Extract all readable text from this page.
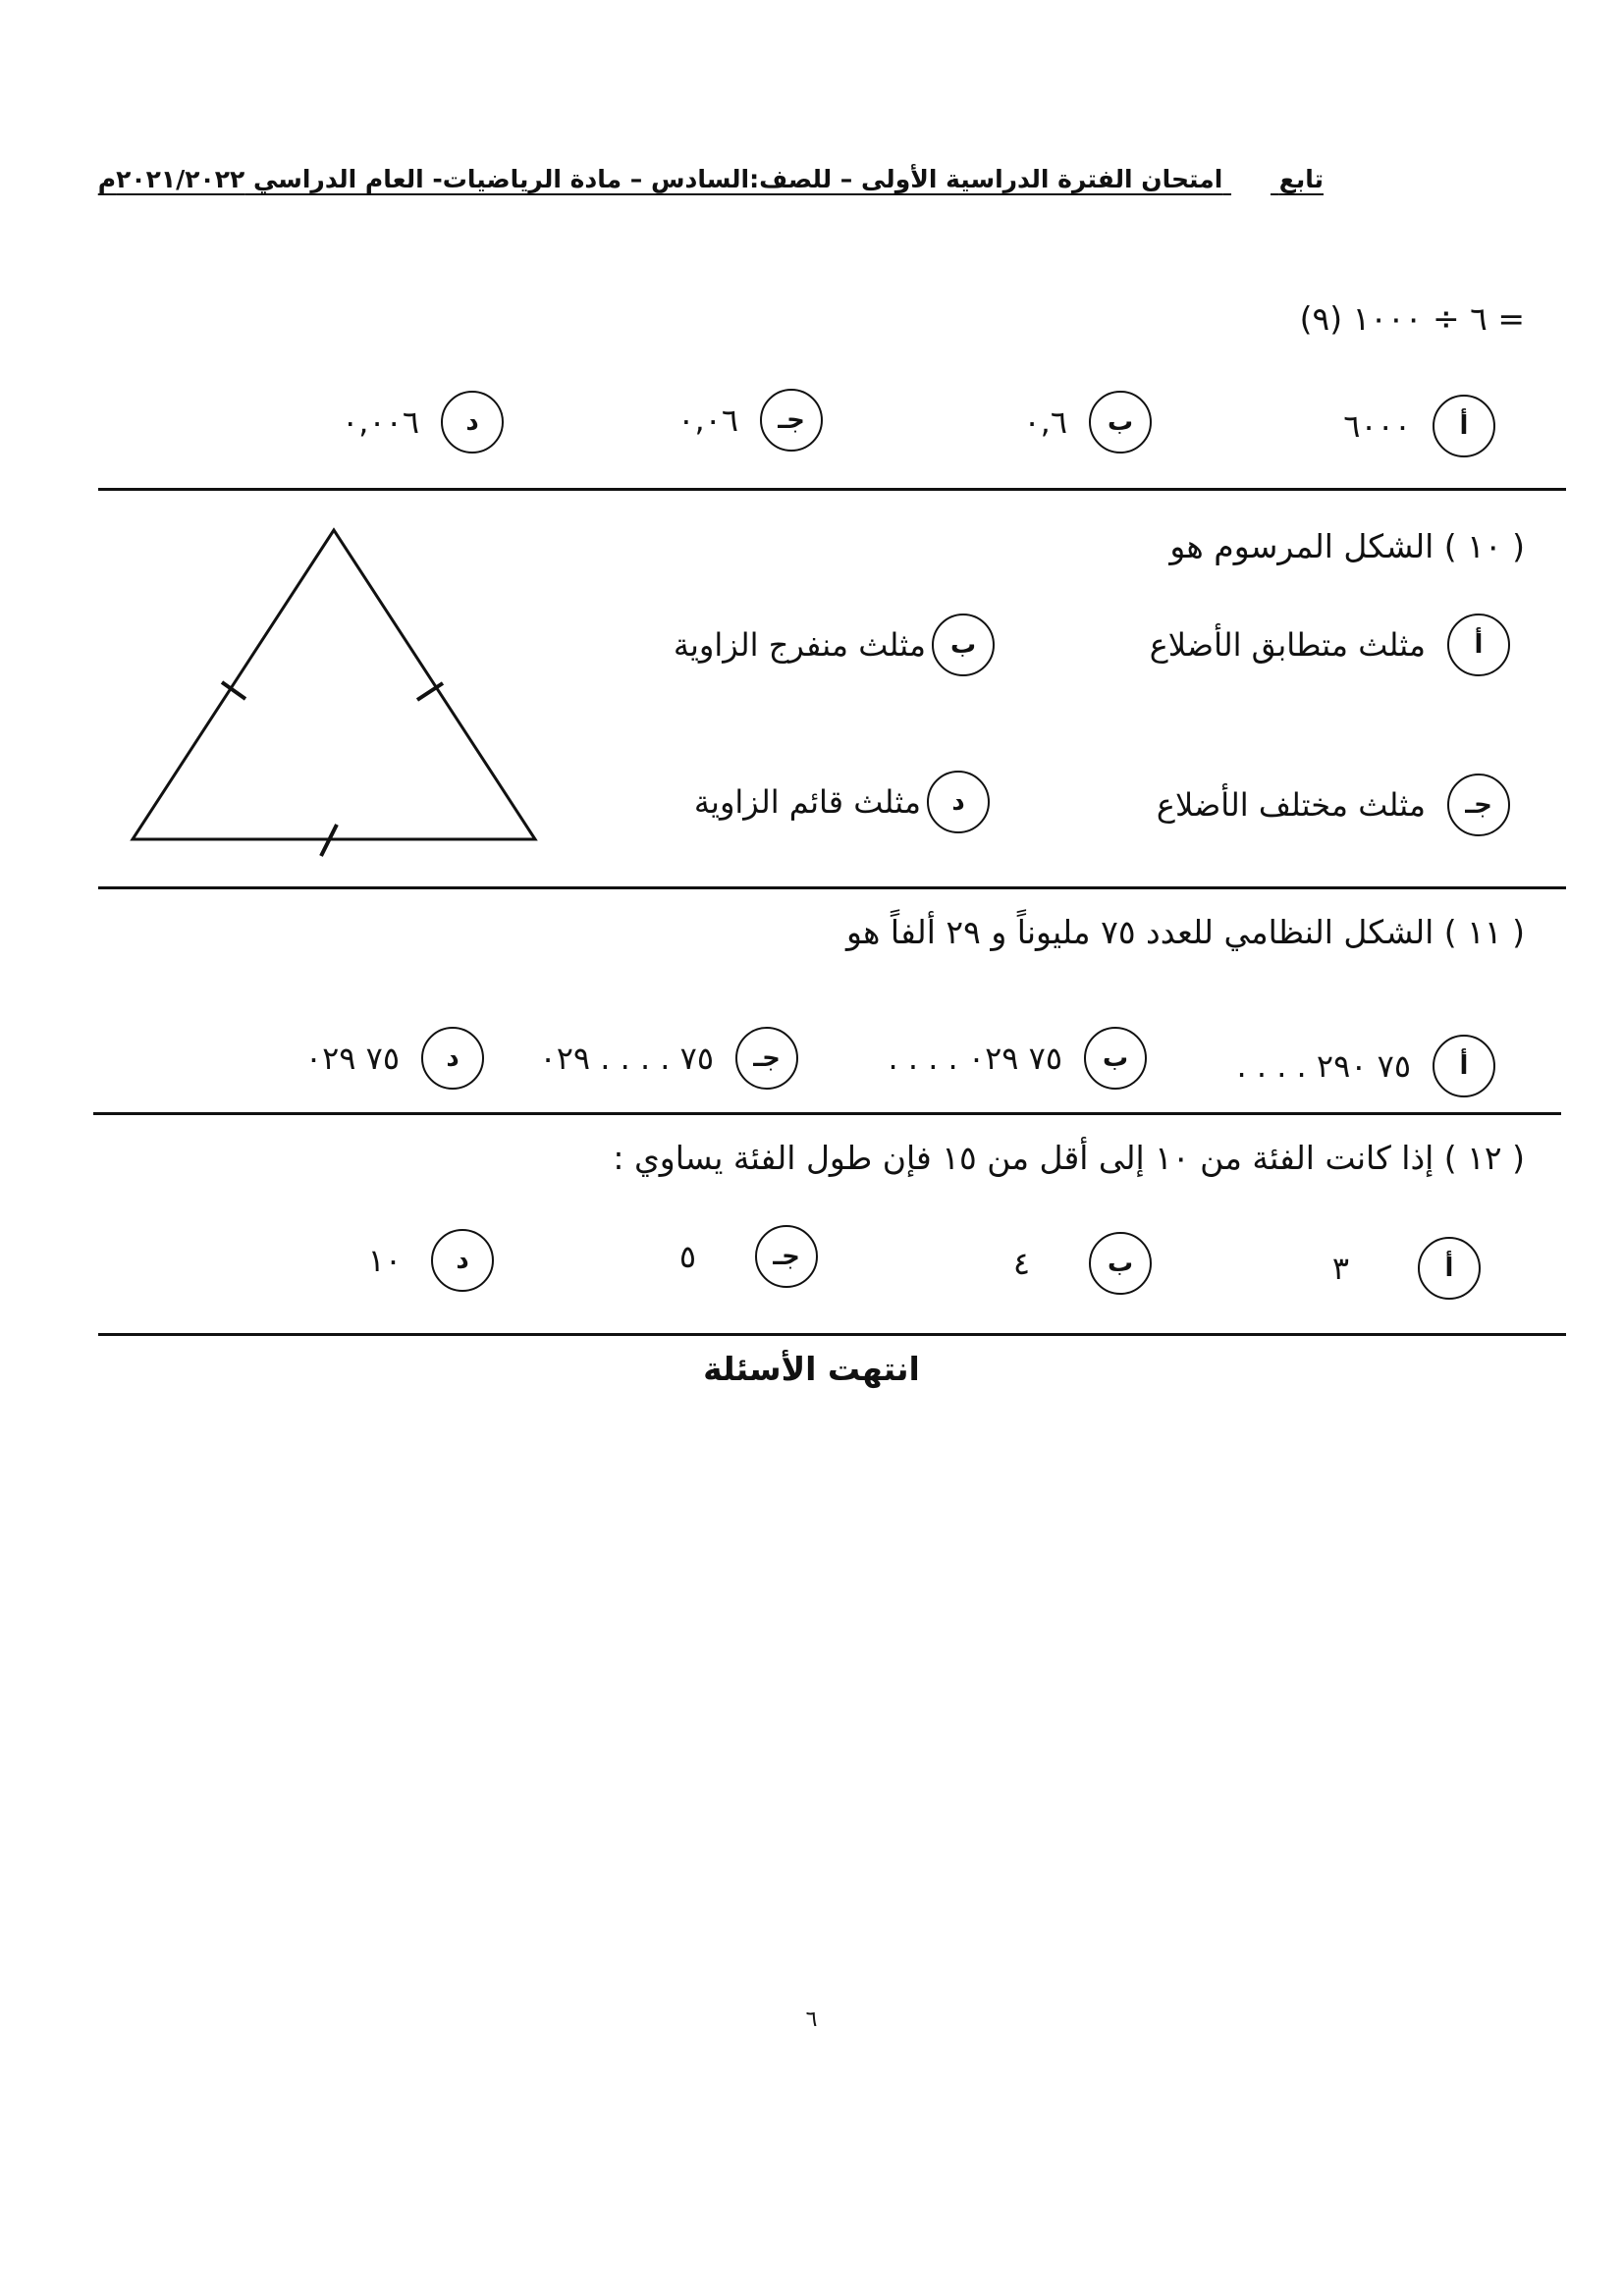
تابع  امتحان الفترة الدراسية الأولى – للصف:السادس – مادة الرياضيات- العام الدراسي ٢٠٢١/٢٠٢٢م
(٩) ٦ ÷ ١٠٠٠ =
أ
٦٠٠٠
ب
٠,٦
جـ
٠,٠٦
د
٠,٠٠٦
( ١٠ ) الشكل المرسوم هو
أ
مثلث متطابق الأضلاع
ب
مثلث منفرج الزاوية
جـ
مثلث مختلف الأضلاع
د
مثلث قائم الزاوية
( ١١ ) الشكل النظامي للعدد ٧٥ مليوناً و ٢٩ ألفاً هو
أ
٧٥ ٢٩٠ . . . .
ب
٧٥ ٠٢٩ . . . .
جـ
٧٥ . . . . ٠٢٩
د
٧٥ ٠٢٩
( ١٢ ) إذا كانت الفئة من ١٠ إلى أقل من ١٥ فإن طول الفئة يساوي :
أ
٣
ب
٤
جـ
٥
د
١٠
انتهت الأسئلة
٦
